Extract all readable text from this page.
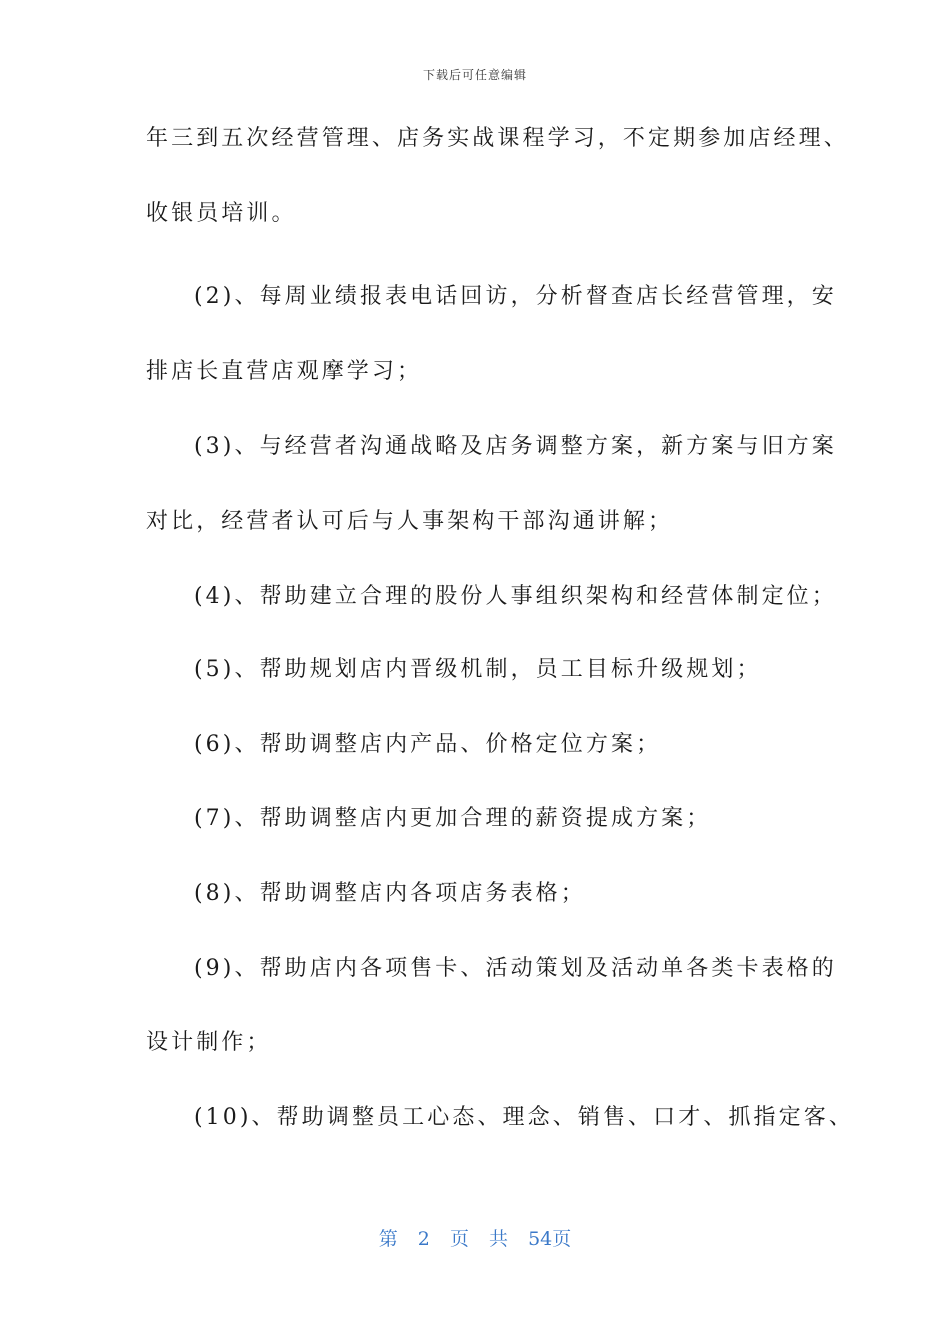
下载后可任意编辑
年三到五次经营管理、店务实战课程学习，不定期参加店经理、
收银员培训。
(2)、每周业绩报表电话回访，分析督查店长经营管理，安
排店长直营店观摩学习；
(3)、与经营者沟通战略及店务调整方案，新方案与旧方案
对比，经营者认可后与人事架构干部沟通讲解；
(4)、帮助建立合理的股份人事组织架构和经营体制定位；
(5)、帮助规划店内晋级机制，员工目标升级规划；
(6)、帮助调整店内产品、价格定位方案；
(7)、帮助调整店内更加合理的薪资提成方案；
(8)、帮助调整店内各项店务表格；
(9)、帮助店内各项售卡、活动策划及活动单各类卡表格的
设计制作；
(10)、帮助调整员工心态、理念、销售、口才、抓指定客、
第 2 页 共 54页
